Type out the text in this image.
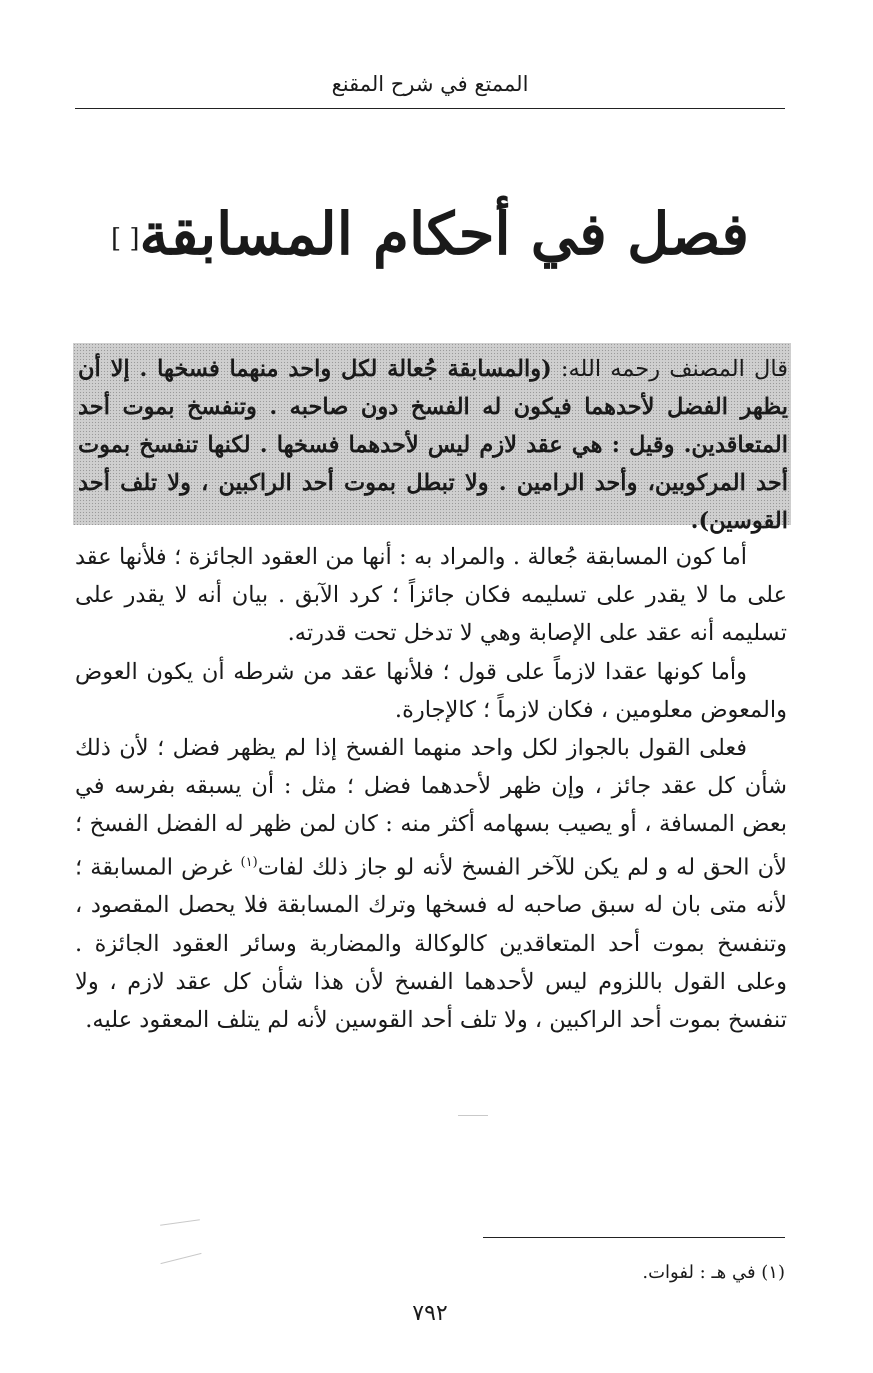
الممتع في شرح المقنع
فصل في أحكام المسابقة[ ]
قال المصنف رحمه الله: (والمسابقة جُعالة لكل واحد منهما فسخها . إلا أن يظهر الفضل لأحدهما فيكون له الفسخ دون صاحبه . وتنفسخ بموت أحد المتعاقدين. وقيل : هي عقد لازم ليس لأحدهما فسخها . لكنها تنفسخ بموت أحد المركوبين، وأحد الرامين . ولا تبطل بموت أحد الراكبين ، ولا تلف أحد القوسين).

أما كون المسابقة جُعالة . والمراد به : أنها من العقود الجائزة ؛ فلأنها عقد على ما لا يقدر على تسليمه فكان جائزاً ؛ كرد الآبق . بيان أنه لا يقدر على تسليمه أنه عقد على الإصابة وهي لا تدخل تحت قدرته.

وأما كونها عقدا لازماً على قول ؛ فلأنها عقد من شرطه أن يكون العوض والمعوض معلومين ، فكان لازماً ؛ كالإجارة.

فعلى القول بالجواز لكل واحد منهما الفسخ إذا لم يظهر فضل ؛ لأن ذلك شأن كل عقد جائز ، وإن ظهر لأحدهما فضل ؛ مثل : أن يسبقه بفرسه في بعض المسافة ، أو يصيب بسهامه أكثر منه : كان لمن ظهر له الفضل الفسخ ؛ لأن الحق له و لم يكن للآخر الفسخ لأنه لو جاز ذلك لفات$^{(١)}$ غرض المسابقة ؛ لأنه متى بان له سبق صاحبه له فسخها وترك المسابقة فلا يحصل المقصود ، وتنفسخ بموت أحد المتعاقدين كالوكالة والمضاربة وسائر العقود الجائزة . وعلى القول باللزوم ليس لأحدهما الفسخ لأن هذا شأن كل عقد لازم ، ولا تنفسخ بموت أحد الراكبين ، ولا تلف أحد القوسين لأنه لم يتلف المعقود عليه.

(١) في هـ : لفوات.
٧٩٢
